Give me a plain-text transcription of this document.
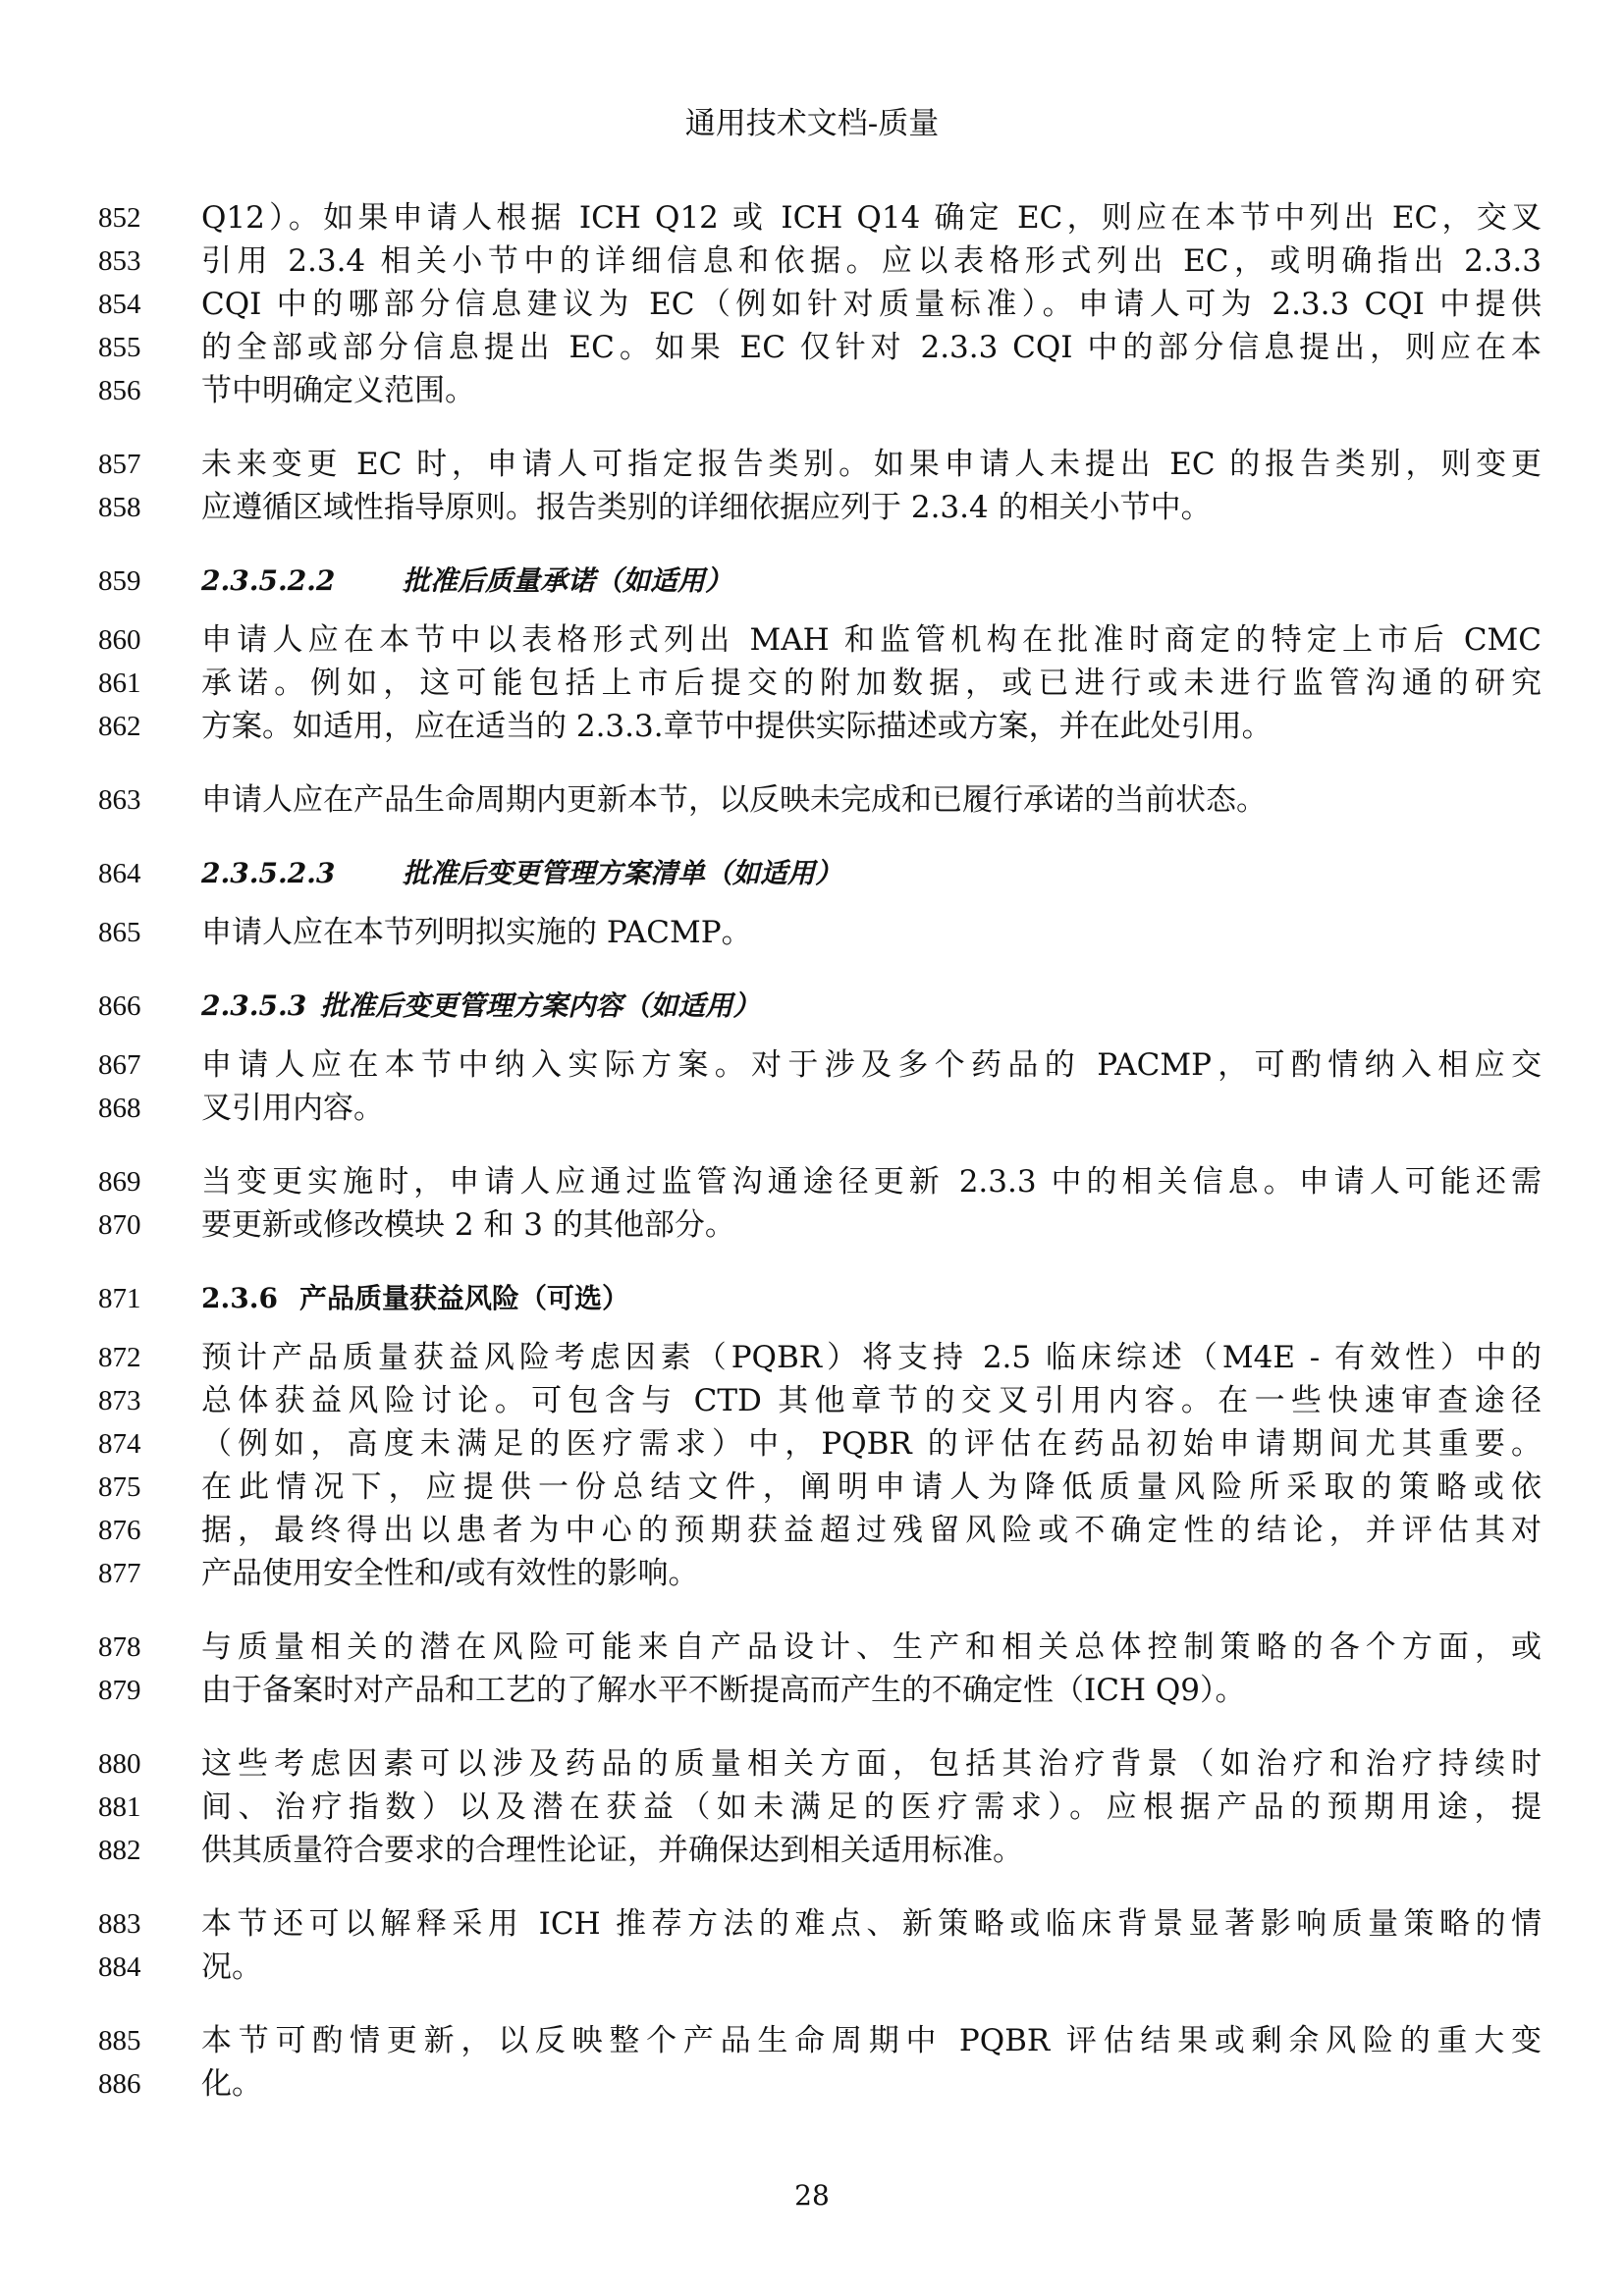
通用技术文档-质量
852	Q12）。如果申请人根据 ICH Q12 或 ICH Q14 确定 EC，则应在本节中列出 EC，交叉
853	引用 2.3.4 相关小节中的详细信息和依据。应以表格形式列出 EC，或明确指出 2.3.3
854	CQI 中的哪部分信息建议为 EC（例如针对质量标准）。申请人可为 2.3.3 CQI 中提供
855	的全部或部分信息提出 EC。如果 EC 仅针对 2.3.3 CQI 中的部分信息提出，则应在本
856	节中明确定义范围。
857	未来变更 EC 时，申请人可指定报告类别。如果申请人未提出 EC 的报告类别，则变更
858	应遵循区域性指导原则。报告类别的详细依据应列于 2.3.4 的相关小节中。
859	2.3.5.2.2 批准后质量承诺（如适用）
860	申请人应在本节中以表格形式列出 MAH 和监管机构在批准时商定的特定上市后 CMC
861	承诺。例如，这可能包括上市后提交的附加数据，或已进行或未进行监管沟通的研究
862	方案。如适用，应在适当的 2.3.3.章节中提供实际描述或方案，并在此处引用。
863	申请人应在产品生命周期内更新本节，以反映未完成和已履行承诺的当前状态。
864	2.3.5.2.3 批准后变更管理方案清单（如适用）
865	申请人应在本节列明拟实施的 PACMP。
866	2.3.5.3 批准后变更管理方案内容（如适用）
867	申请人应在本节中纳入实际方案。对于涉及多个药品的 PACMP，可酌情纳入相应交
868	叉引用内容。
869	当变更实施时，申请人应通过监管沟通途径更新 2.3.3 中的相关信息。申请人可能还需
870	要更新或修改模块 2 和 3 的其他部分。
871	2.3.6 产品质量获益风险（可选）
872	预计产品质量获益风险考虑因素（PQBR）将支持 2.5 临床综述（M4E - 有效性）中的
873	总体获益风险讨论。可包含与 CTD 其他章节的交叉引用内容。在一些快速审查途径
874	（例如，高度未满足的医疗需求）中，PQBR 的评估在药品初始申请期间尤其重要。
875	在此情况下，应提供一份总结文件，阐明申请人为降低质量风险所采取的策略或依
876	据，最终得出以患者为中心的预期获益超过残留风险或不确定性的结论，并评估其对
877	产品使用安全性和/或有效性的影响。
878	与质量相关的潜在风险可能来自产品设计、生产和相关总体控制策略的各个方面，或
879	由于备案时对产品和工艺的了解水平不断提高而产生的不确定性（ICH Q9）。
880	这些考虑因素可以涉及药品的质量相关方面，包括其治疗背景（如治疗和治疗持续时
881	间、治疗指数）以及潜在获益（如未满足的医疗需求）。应根据产品的预期用途，提
882	供其质量符合要求的合理性论证，并确保达到相关适用标准。
883	本节还可以解释采用 ICH 推荐方法的难点、新策略或临床背景显著影响质量策略的情
884	况。
885	本节可酌情更新，以反映整个产品生命周期中 PQBR 评估结果或剩余风险的重大变
886	化。
28
